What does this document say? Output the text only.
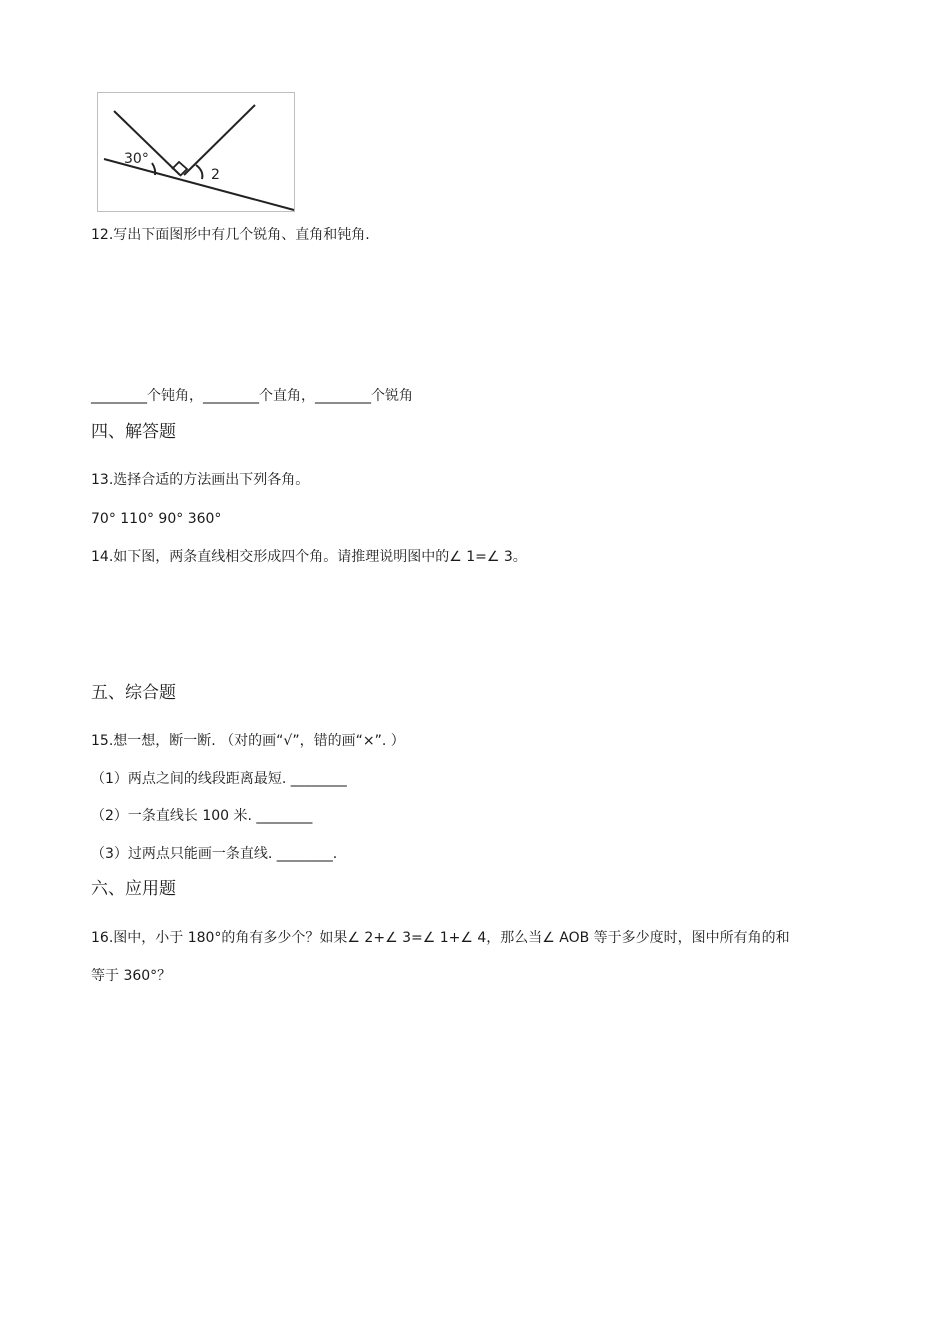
30°
2
12.写出下面图形中有几个锐角、直角和钝角.
________个钝角，________个直角，________个锐角
四、解答题
13.选择合适的方法画出下列各角。
70° 110° 90° 360°
14.如下图，两条直线相交形成四个角。请推理说明图中的∠ 1=∠ 3。
五、综合题
15.想一想，断一断. （对的画“√”，错的画“×”. ）
（1）两点之间的线段距离最短. ________
（2）一条直线长 100 米. ________
（3）过两点只能画一条直线. ________.
六、应用题
16.图中，小于 180°的角有多少个？如果∠ 2+∠ 3=∠ 1+∠ 4，那么当∠ AOB 等于多少度时，图中所有角的和
等于 360°？
